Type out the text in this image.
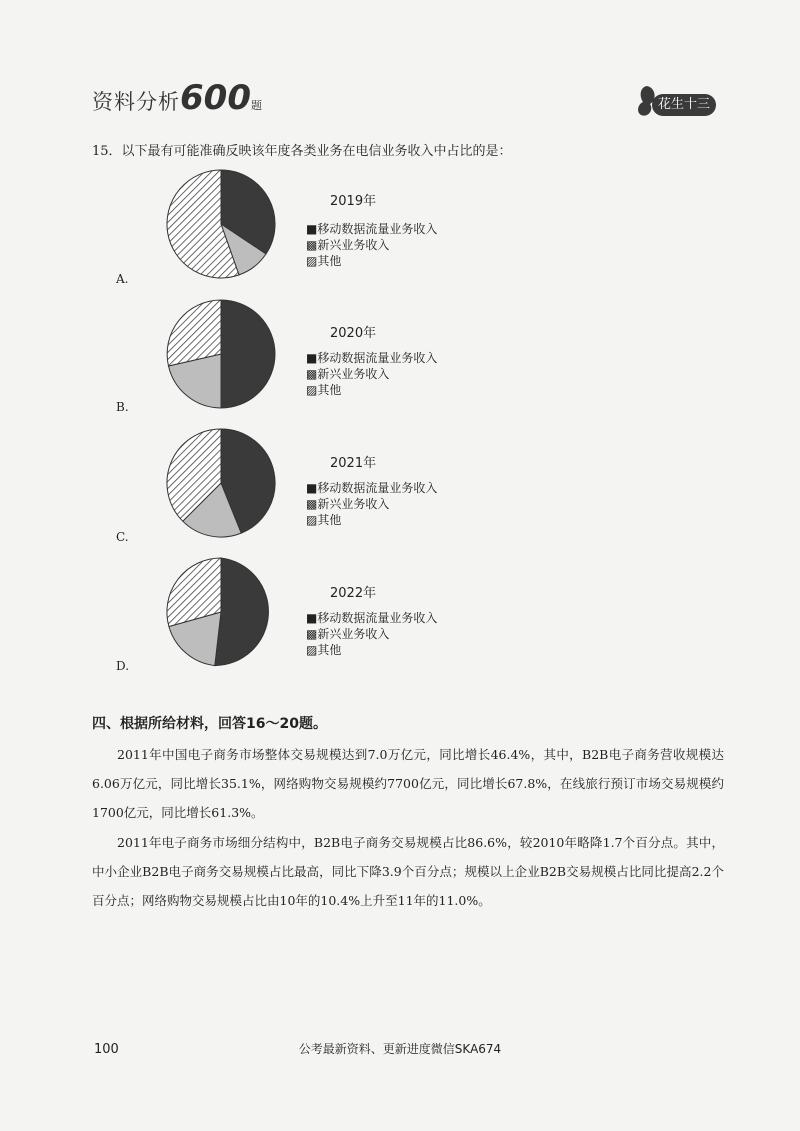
资料分析600题	花生十三
15．以下最有可能准确反映该年度各类业务在电信业务收入中占比的是：
A.
2019年
■移动数据流量业务收入
▩新兴业务收入
▨其他
B.
2020年
■移动数据流量业务收入
▩新兴业务收入
▨其他
C.
2021年
■移动数据流量业务收入
▩新兴业务收入
▨其他
D.
2022年
■移动数据流量业务收入
▩新兴业务收入
▨其他
四、根据所给材料，回答16～20题。

2011年中国电子商务市场整体交易规模达到7.0万亿元，同比增长46.4%，其中，B2B电子商务营收规模达6.06万亿元，同比增长35.1%，网络购物交易规模约7700亿元，同比增长67.8%，在线旅行预订市场交易规模约1700亿元，同比增长61.3%。

2011年电子商务市场细分结构中，B2B电子商务交易规模占比86.6%，较2010年略降1.7个百分点。其中，中小企业B2B电子商务交易规模占比最高，同比下降3.9个百分点；规模以上企业B2B交易规模占比同比提高2.2个百分点；网络购物交易规模占比由10年的10.4%上升至11年的11.0%。

100	公考最新资料、更新进度微信SKA674
